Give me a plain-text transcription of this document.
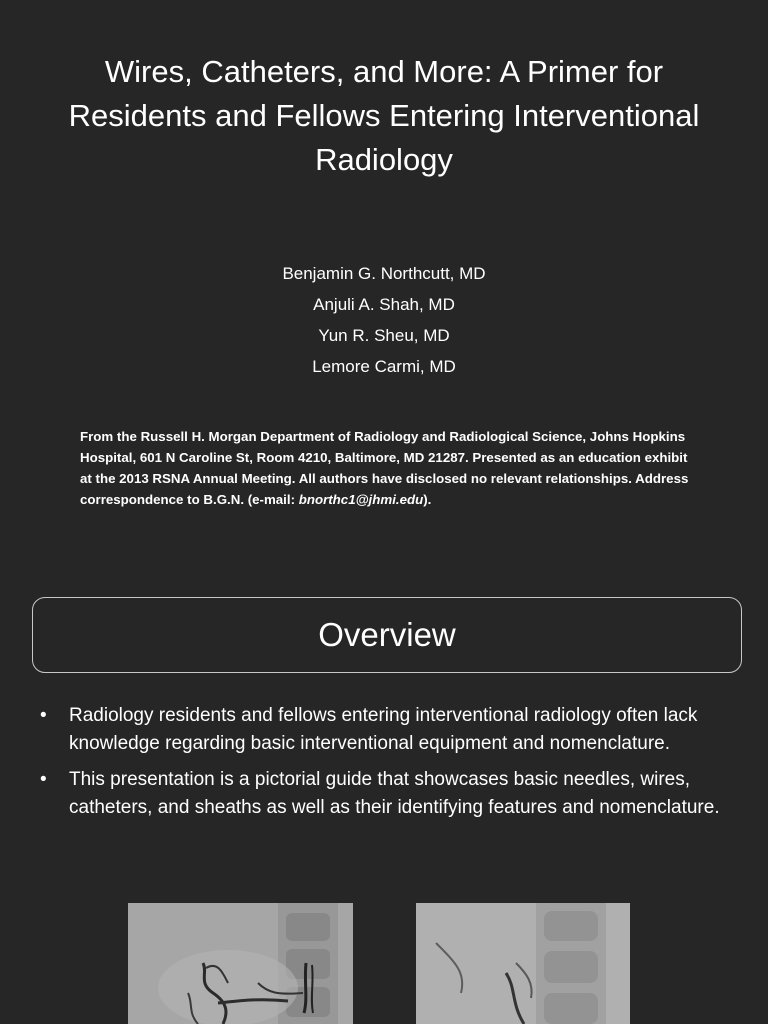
Wires, Catheters, and More: A Primer for Residents and Fellows Entering Interventional Radiology
Benjamin G. Northcutt, MD
Anjuli A. Shah, MD
Yun R. Sheu, MD
Lemore Carmi, MD
From the Russell H. Morgan Department of Radiology and Radiological Science, Johns Hopkins Hospital, 601 N Caroline St, Room 4210, Baltimore, MD 21287. Presented as an education exhibit at the 2013 RSNA Annual Meeting. All authors have disclosed no relevant relationships. Address correspondence to B.G.N. (e-mail: bnorthc1@jhmi.edu).
Overview
• Radiology residents and fellows entering interventional radiology often lack knowledge regarding basic interventional equipment and nomenclature.
• This presentation is a pictorial guide that showcases basic needles, wires, catheters, and sheaths as well as their identifying features and nomenclature.
